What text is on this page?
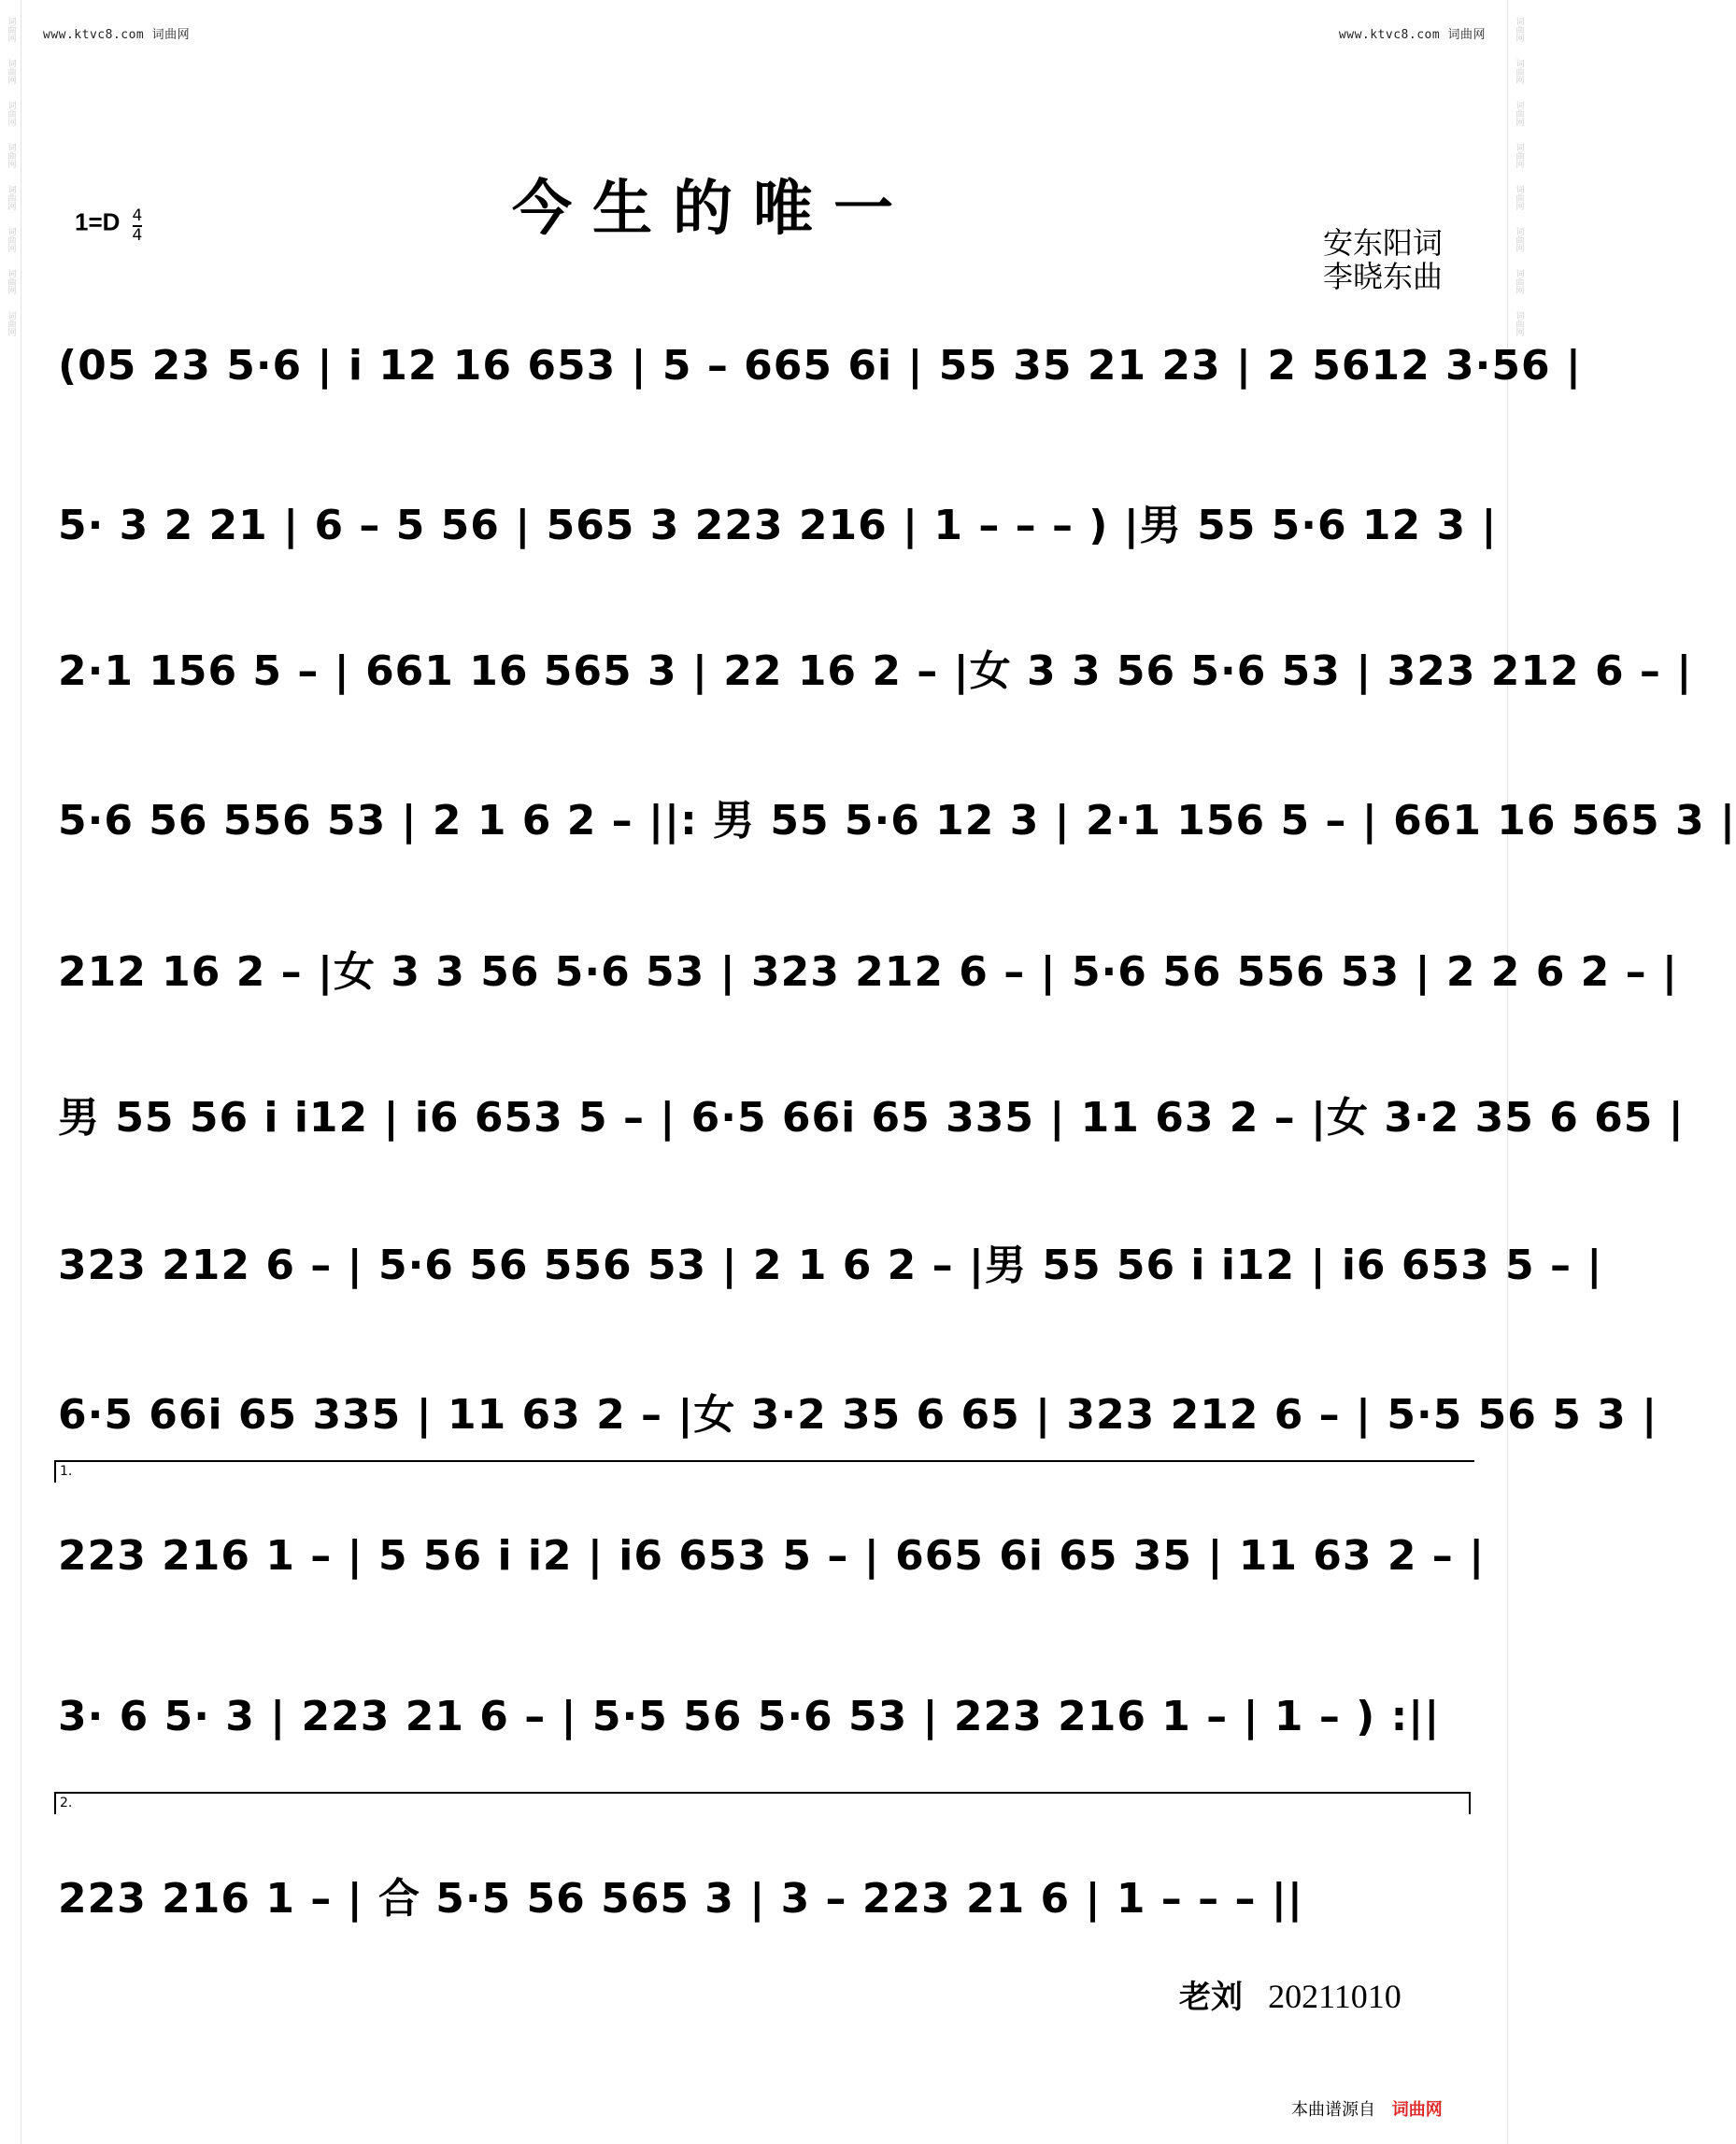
词曲网
词曲网
词曲网
词曲网
词曲网
词曲网
词曲网
词曲网
词曲网
词曲网
词曲网
词曲网
词曲网
词曲网
词曲网
词曲网
www.ktvc8.com 词曲网	www.ktvc8.com 词曲网
$1=D \frac{4}{4}$	今生的唯一	安东阳词
李晓东曲
(05 23 5·6 | i 12 16 653 | 5 – 665 6i | 55 35 21 23 | 2 5612 3·56 |
5· 3 2 21 | 6 – 5 56 | 565 3 223 216 | 1 – – – ) |男 55 5·6 12 3 |
2·1 156 5 – | 661 16 565 3 | 22 16 2 – |女 3 3 56 5·6 53 | 323 212 6 – |
5·6 56 556 53 | 2 1 6 2 – ||: 男 55 5·6 12 3 | 2·1 156 5 – | 661 16 565 3 |
212 16 2 – |女 3 3 56 5·6 53 | 323 212 6 – | 5·6 56 556 53 | 2 2 6 2 – |
男 55 56 i i12 | i6 653 5 – | 6·5 66i 65 335 | 11 63 2 – |女 3·2 35 6 65 |
323 212 6 – | 5·6 56 556 53 | 2 1 6 2 – |男 55 56 i i12 | i6 653 5 – |
6·5 66i 65 335 | 11 63 2 – |女 3·2 35 6 65 | 323 212 6 – | 5·5 56 5 3 |
1.
223 216 1 – | 5 56 i i2 | i6 653 5 – | 665 6i 65 35 | 11 63 2 – |
3· 6 5· 3 | 223 21 6 – | 5·5 56 5·6 53 | 223 216 1 – | 1 – ) :||
2.
223 216 1 – | 合 5·5 56 565 3 | 3 – 223 21 6 | 1 – – – ||
老刘 20211010
本曲谱源自 词曲网
